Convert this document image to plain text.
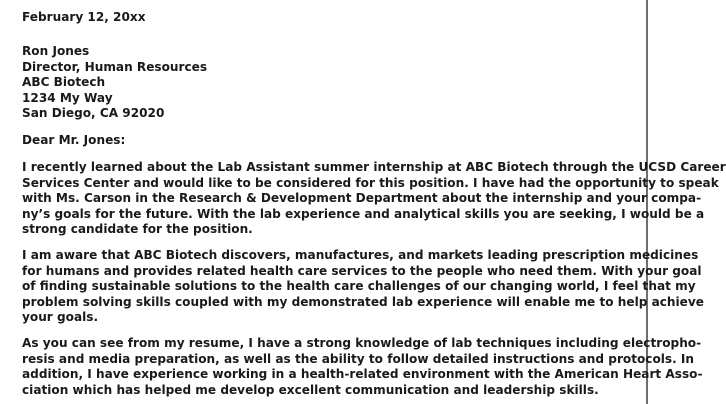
February 12, 20xx

Ron Jones
Director, Human Resources
ABC Biotech
1234 My Way
San Diego, CA 92020

Dear Mr. Jones:

I recently learned about the Lab Assistant summer internship at ABC Biotech through the UCSD Career
Services Center and would like to be considered for this position. I have had the opportunity to speak
with Ms. Carson in the Research & Development Department about the internship and your compa-
ny’s goals for the future. With the lab experience and analytical skills you are seeking, I would be a
strong candidate for the position.
I am aware that ABC Biotech discovers, manufactures, and markets leading prescription medicines
for humans and provides related health care services to the people who need them. With your goal
of finding sustainable solutions to the health care challenges of our changing world, I feel that my
problem solving skills coupled with my demonstrated lab experience will enable me to help achieve
your goals.
As you can see from my resume, I have a strong knowledge of lab techniques including electropho-
resis and media preparation, as well as the ability to follow detailed instructions and protocols. In
addition, I have experience working in a health-related environment with the American Heart Asso-
ciation which has helped me develop excellent communication and leadership skills.
